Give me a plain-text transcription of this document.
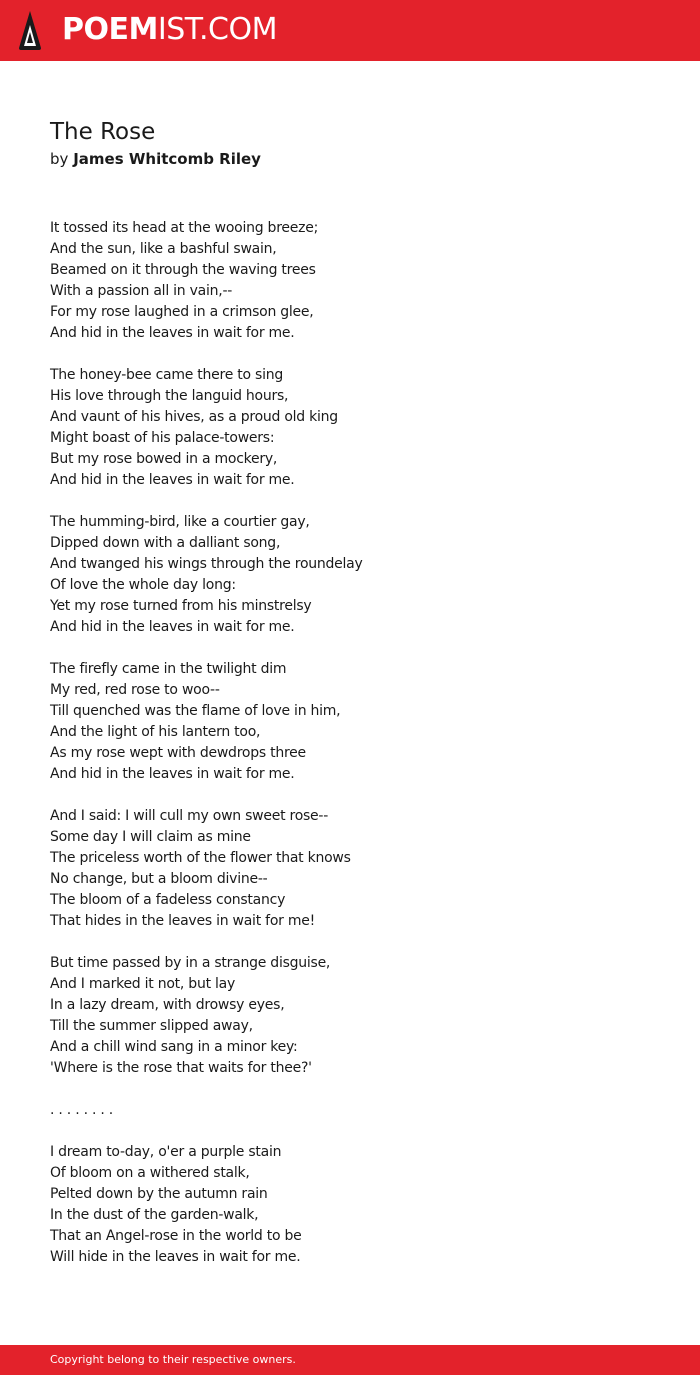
POEMIST.COM
The Rose
by James Whitcomb Riley
It tossed its head at the wooing breeze;
And the sun, like a bashful swain,
Beamed on it through the waving trees
With a passion all in vain,--
For my rose laughed in a crimson glee,
And hid in the leaves in wait for me.
The honey-bee came there to sing
His love through the languid hours,
And vaunt of his hives, as a proud old king
Might boast of his palace-towers:
But my rose bowed in a mockery,
And hid in the leaves in wait for me.
The humming-bird, like a courtier gay,
Dipped down with a dalliant song,
And twanged his wings through the roundelay
Of love the whole day long:
Yet my rose turned from his minstrelsy
And hid in the leaves in wait for me.
The firefly came in the twilight dim
My red, red rose to woo--
Till quenched was the flame of love in him,
And the light of his lantern too,
As my rose wept with dewdrops three
And hid in the leaves in wait for me.
And I said: I will cull my own sweet rose--
Some day I will claim as mine
The priceless worth of the flower that knows
No change, but a bloom divine--
The bloom of a fadeless constancy
That hides in the leaves in wait for me!
But time passed by in a strange disguise,
And I marked it not, but lay
In a lazy dream, with drowsy eyes,
Till the summer slipped away,
And a chill wind sang in a minor key:
'Where is the rose that waits for thee?'
. . . . . . . .
I dream to-day, o'er a purple stain
Of bloom on a withered stalk,
Pelted down by the autumn rain
In the dust of the garden-walk,
That an Angel-rose in the world to be
Will hide in the leaves in wait for me.
Copyright belong to their respective owners.
